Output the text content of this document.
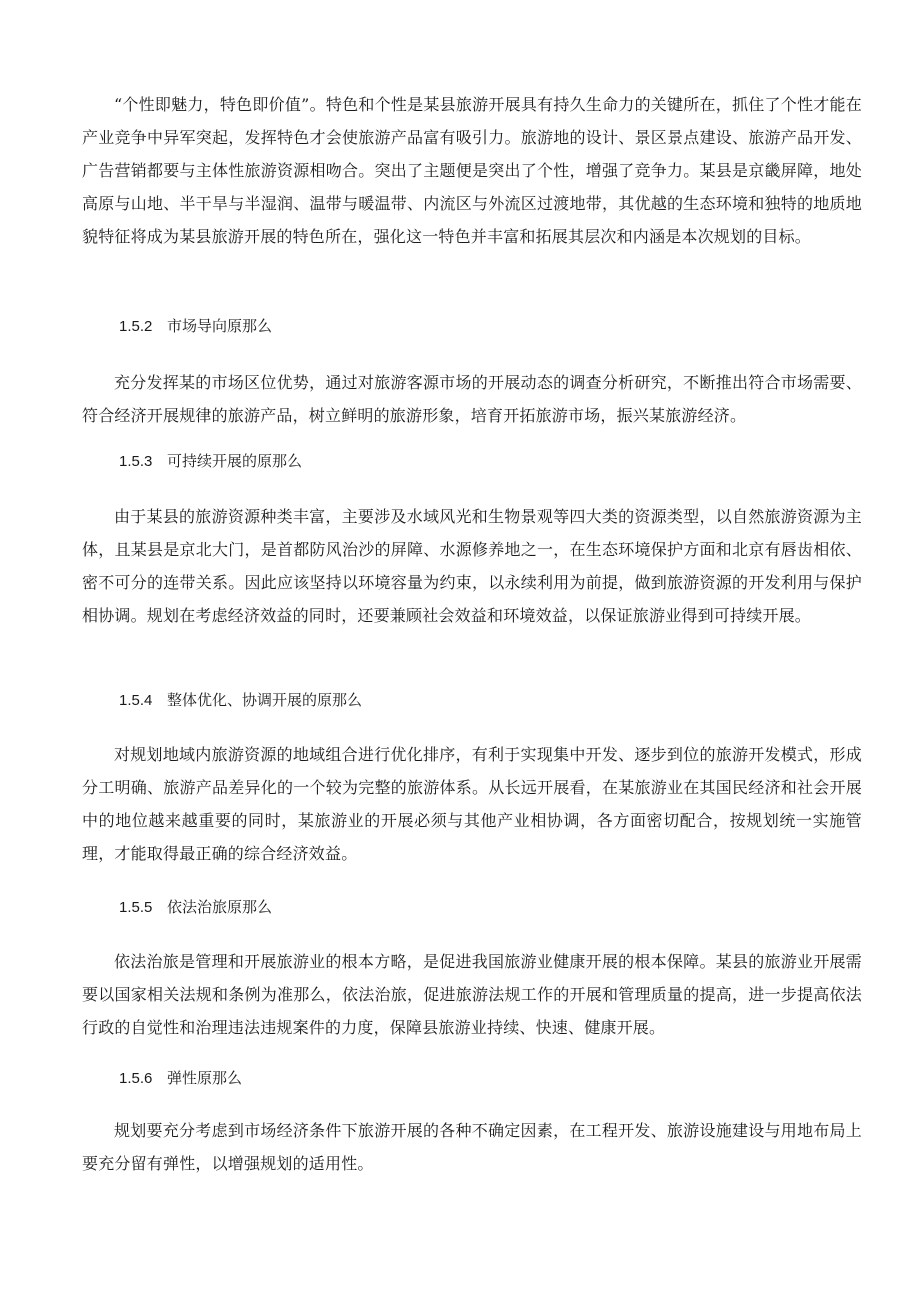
“个性即魅力，特色即价值”。特色和个性是某县旅游开展具有持久生命力的关键所在，抓住了个性才能在产业竞争中异军突起，发挥特色才会使旅游产品富有吸引力。旅游地的设计、景区景点建设、旅游产品开发、广告营销都要与主体性旅游资源相吻合。突出了主题便是突出了个性，增强了竞争力。某县是京畿屏障，地处高原与山地、半干旱与半湿润、温带与暖温带、内流区与外流区过渡地带，其优越的生态环境和独特的地质地貌特征将成为某县旅游开展的特色所在，强化这一特色并丰富和拓展其层次和内涵是本次规划的目标。

1.5.2 市场导向原那么

充分发挥某的市场区位优势，通过对旅游客源市场的开展动态的调查分析研究，不断推出符合市场需要、符合经济开展规律的旅游产品，树立鲜明的旅游形象，培育开拓旅游市场，振兴某旅游经济。

1.5.3 可持续开展的原那么

由于某县的旅游资源种类丰富，主要涉及水域风光和生物景观等四大类的资源类型，以自然旅游资源为主体，且某县是京北大门，是首都防风治沙的屏障、水源修养地之一，在生态环境保护方面和北京有唇齿相依、密不可分的连带关系。因此应该坚持以环境容量为约束，以永续利用为前提，做到旅游资源的开发利用与保护相协调。规划在考虑经济效益的同时，还要兼顾社会效益和环境效益，以保证旅游业得到可持续开展。

1.5.4 整体优化、协调开展的原那么

对规划地域内旅游资源的地域组合进行优化排序，有利于实现集中开发、逐步到位的旅游开发模式，形成分工明确、旅游产品差异化的一个较为完整的旅游体系。从长远开展看，在某旅游业在其国民经济和社会开展中的地位越来越重要的同时，某旅游业的开展必须与其他产业相协调，各方面密切配合，按规划统一实施管理，才能取得最正确的综合经济效益。

1.5.5 依法治旅原那么

依法治旅是管理和开展旅游业的根本方略，是促进我国旅游业健康开展的根本保障。某县的旅游业开展需要以国家相关法规和条例为准那么，依法治旅，促进旅游法规工作的开展和管理质量的提高，进一步提高依法行政的自觉性和治理违法违规案件的力度，保障县旅游业持续、快速、健康开展。

1.5.6 弹性原那么

规划要充分考虑到市场经济条件下旅游开展的各种不确定因素，在工程开发、旅游设施建设与用地布局上要充分留有弹性，以增强规划的适用性。
